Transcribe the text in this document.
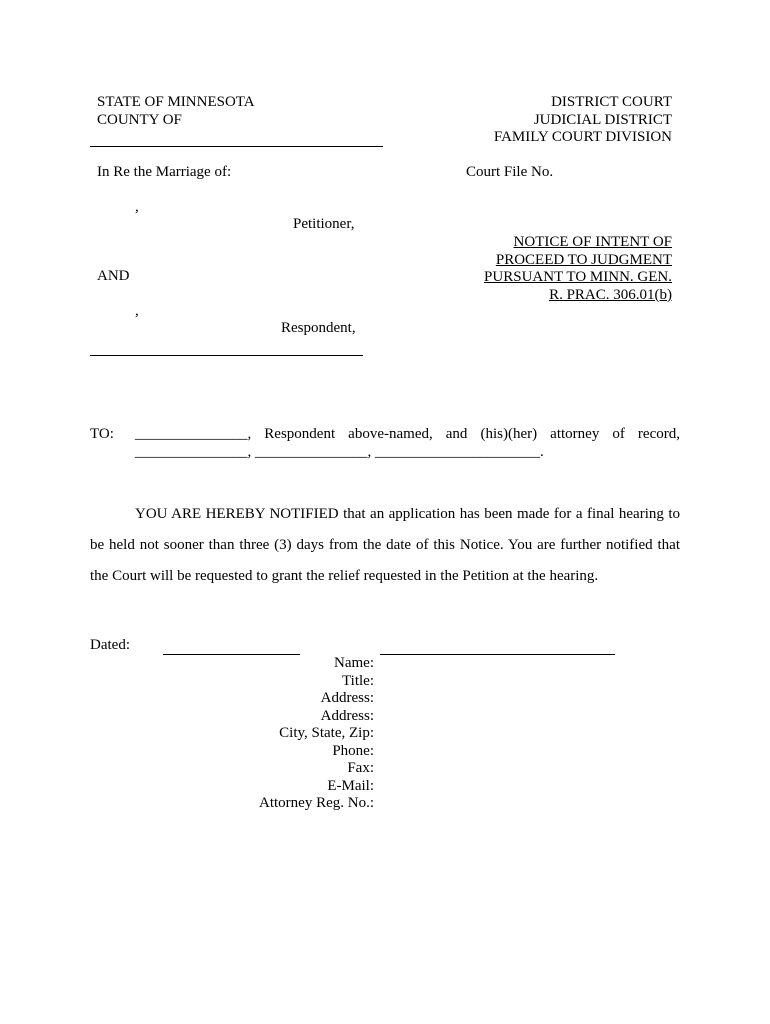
STATE OF MINNESOTA
COUNTY OF
DISTRICT COURT
JUDICIAL DISTRICT
FAMILY COURT DIVISION
In Re the Marriage of:	Court File No.
,
Petitioner,
AND
,
Respondent,
NOTICE OF INTENT OF
PROCEED TO JUDGMENT
PURSUANT TO MINN. GEN.
R. PRAC. 306.01(b)
TO: _______________, Respondent above-named, and (his)(her) attorney of record,
_______________, _______________, ______________________.
YOU ARE HEREBY NOTIFIED that an application has been made for a final hearing to be held not sooner than three (3) days from the date of this Notice. You are further notified that the Court will be requested to grant the relief requested in the Petition at the hearing.
Dated:
Name:
Title:
Address:
Address:
City, State, Zip:
Phone:
Fax:
E-Mail:
Attorney Reg. No.:
